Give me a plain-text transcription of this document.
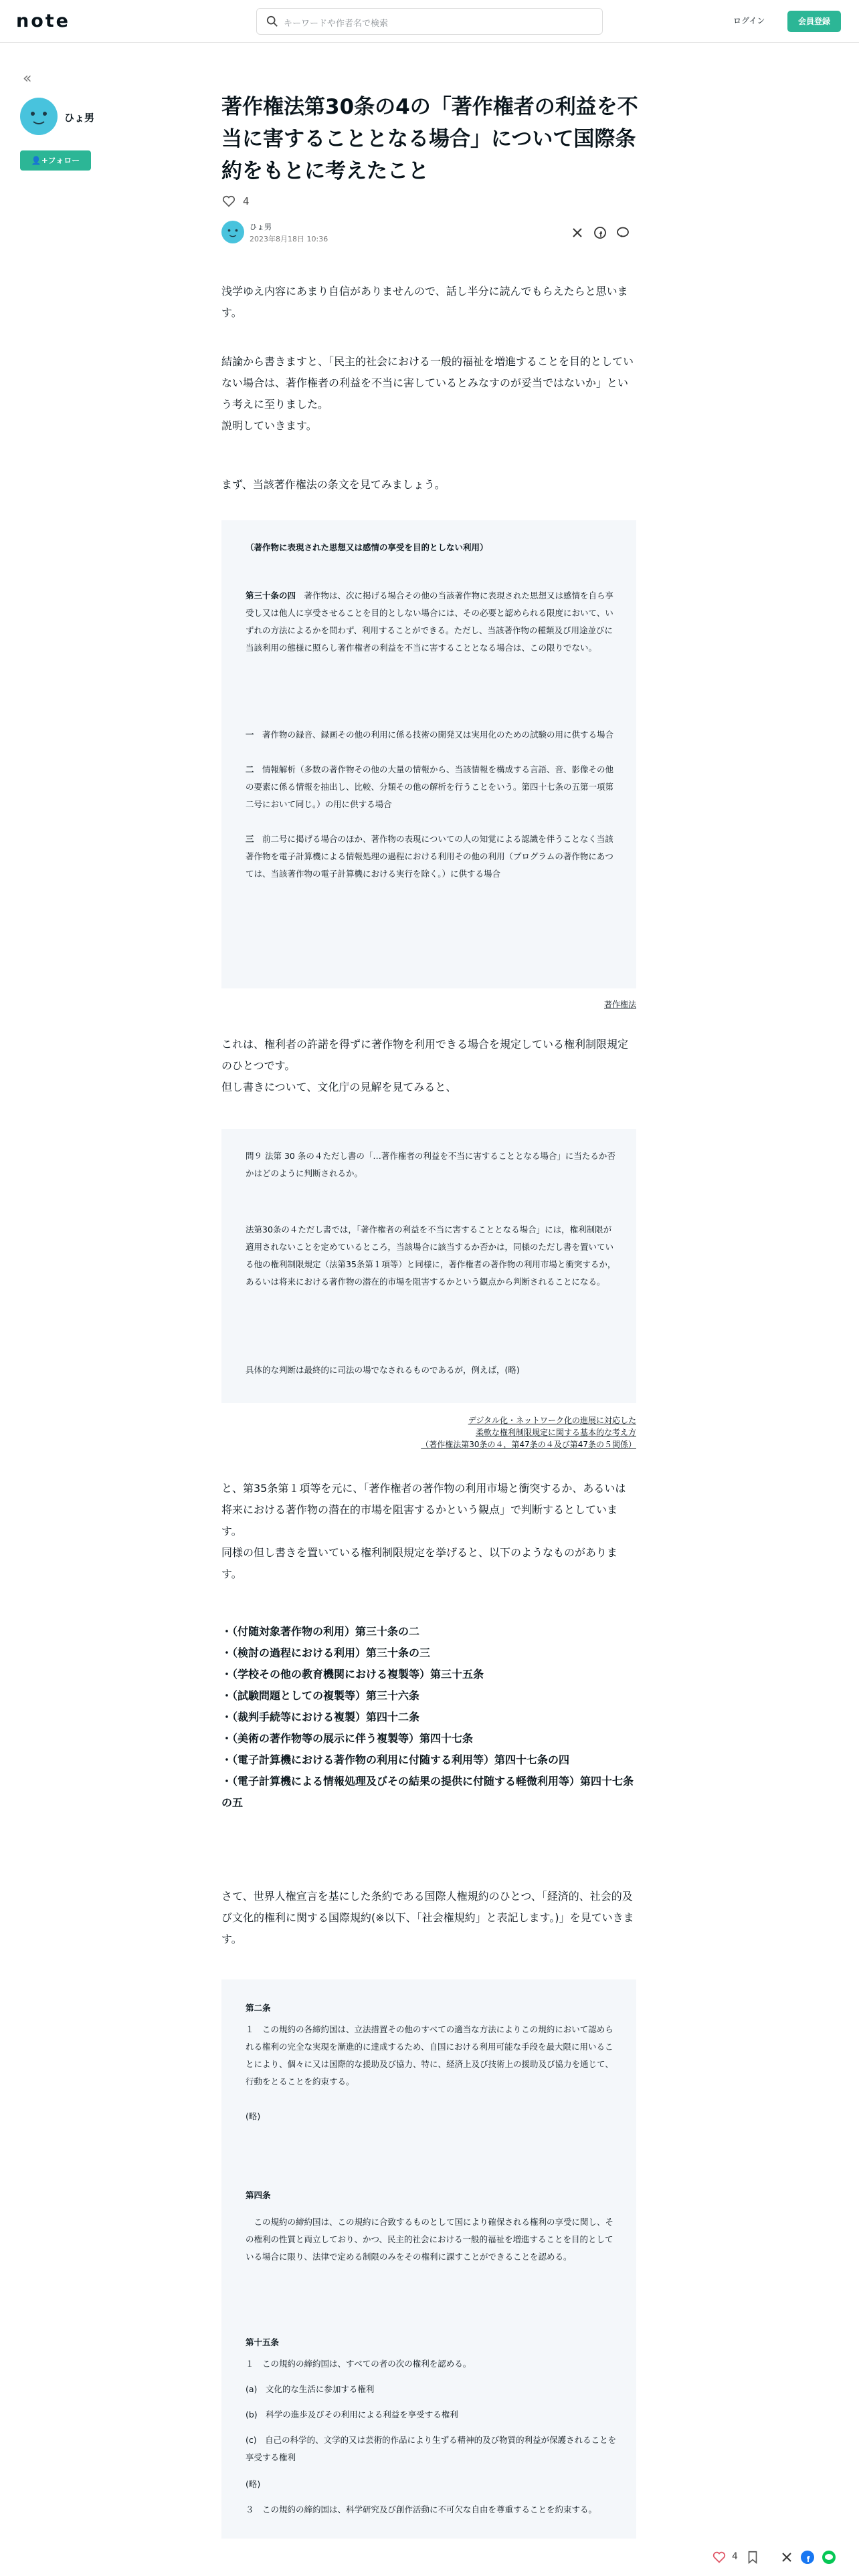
note	キーワードや作者名で検索	ログイン	会員登録
«
ひょ男
👤+フォロー
著作権法第30条の4の「著作権者の利益を不当に害することとなる場合」について国際条約をもとに考えたこと
4
ひょ男
2023年8月18日 10:36

浅学ゆえ内容にあまり自信がありませんので、話し半分に読んでもらえたらと思います。

結論から書きますと、「民主的社会における一般的福祉を増進することを目的としていない場合は、著作権者の利益を不当に害しているとみなすのが妥当ではないか」という考えに至りました。

説明していきます。

まず、当該著作権法の条文を見てみましょう。

（著作物に表現された思想又は感情の享受を目的としない利用）
第三十条の四　著作物は、次に掲げる場合その他の当該著作物に表現された思想又は感情を自ら享受し又は他人に享受させることを目的としない場合には、その必要と認められる限度において、いずれの方法によるかを問わず、利用することができる。ただし、当該著作物の種類及び用途並びに当該利用の態様に照らし著作権者の利益を不当に害することとなる場合は、この限りでない。
一　著作物の録音、録画その他の利用に係る技術の開発又は実用化のための試験の用に供する場合
二　情報解析（多数の著作物その他の大量の情報から、当該情報を構成する言語、音、影像その他の要素に係る情報を抽出し、比較、分類その他の解析を行うことをいう。第四十七条の五第一項第二号において同じ。）の用に供する場合
三　前二号に掲げる場合のほか、著作物の表現についての人の知覚による認識を伴うことなく当該著作物を電子計算機による情報処理の過程における利用その他の利用（プログラムの著作物にあつては、当該著作物の電子計算機における実行を除く。）に供する場合
著作権法

これは、権利者の許諾を得ずに著作物を利用できる場合を規定している権利制限規定のひとつです。

但し書きについて、文化庁の見解を見てみると、

問９ 法第 30 条の４ただし書の「…著作権者の利益を不当に害することとなる場合」に当たるか否かはどのように判断されるか。
法第30条の４ただし書では，「著作権者の利益を不当に害することとなる場合」には，権利制限が適用されないことを定めているところ，当該場合に該当するか否かは，同様のただし書を置いている他の権利制限規定（法第35条第１項等）と同様に，著作権者の著作物の利用市場と衝突するか，あるいは将来における著作物の潜在的市場を阻害するかという観点から判断されることになる。
具体的な判断は最終的に司法の場でなされるものであるが，例えば，(略)
デジタル化・ネットワーク化の進展に対応した
柔軟な権利制限規定に関する基本的な考え方
（著作権法第30条の４，第47条の４及び第47条の５関係）

と、第35条第１項等を元に、「著作権者の著作物の利用市場と衝突するか、あるいは将来における著作物の潜在的市場を阻害するかという観点」で判断するとしています。

同様の但し書きを置いている権利制限規定を挙げると、以下のようなものがあります。

・（付随対象著作物の利用）第三十条の二
・（検討の過程における利用）第三十条の三
・（学校その他の教育機関における複製等）第三十五条
・（試験問題としての複製等）第三十六条
・（裁判手続等における複製）第四十二条
・（美術の著作物等の展示に伴う複製等）第四十七条
・（電子計算機における著作物の利用に付随する利用等）第四十七条の四
・（電子計算機による情報処理及びその結果の提供に付随する軽微利用等）第四十七条の五

さて、世界人権宣言を基にした条約である国際人権規約のひとつ、「経済的、社会的及び文化的権利に関する国際規約(※以下、「社会権規約」と表記します。)」を見ていきます。

第二条
１　この規約の各締約国は、立法措置その他のすべての適当な方法によりこの規約において認められる権利の完全な実現を漸進的に達成するため、自国における利用可能な手段を最大限に用いることにより、個々に又は国際的な援助及び協力、特に、経済上及び技術上の援助及び協力を通じて、行動をとることを約束する。
(略)
第四条
　この規約の締約国は、この規約に合致するものとして国により確保される権利の享受に関し、その権利の性質と両立しており、かつ、民主的社会における一般的福祉を増進することを目的としている場合に限り、法律で定める制限のみをその権利に課すことができることを認める。
第十五条
１　この規約の締約国は、すべての者の次の権利を認める。
(a)　文化的な生活に参加する権利
(b)　科学の進歩及びその利用による利益を享受する権利
(c)　自己の科学的、文学的又は芸術的作品により生ずる精神的及び物質的利益が保護されることを享受する権利
(略)
３　この規約の締約国は、科学研究及び創作活動に不可欠な自由を尊重することを約束する。
4
